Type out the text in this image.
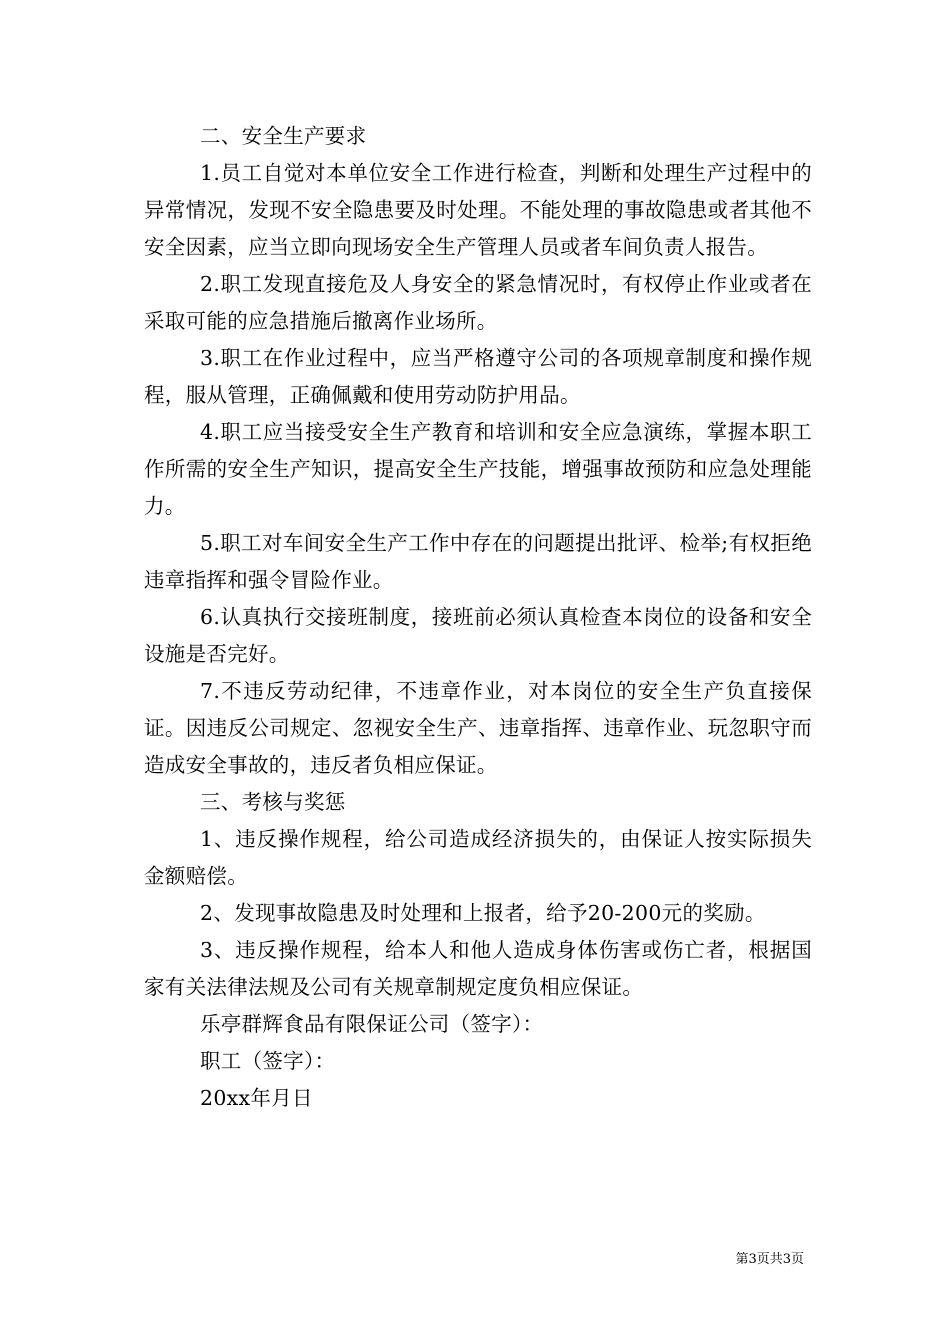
二、安全生产要求

1.员工自觉对本单位安全工作进行检查，判断和处理生产过程中的异常情况，发现不安全隐患要及时处理。不能处理的事故隐患或者其他不安全因素，应当立即向现场安全生产管理人员或者车间负责人报告。

2.职工发现直接危及人身安全的紧急情况时，有权停止作业或者在采取可能的应急措施后撤离作业场所。

3.职工在作业过程中，应当严格遵守公司的各项规章制度和操作规程，服从管理，正确佩戴和使用劳动防护用品。

4.职工应当接受安全生产教育和培训和安全应急演练，掌握本职工作所需的安全生产知识，提高安全生产技能，增强事故预防和应急处理能力。

5.职工对车间安全生产工作中存在的问题提出批评、检举;有权拒绝违章指挥和强令冒险作业。

6.认真执行交接班制度，接班前必须认真检查本岗位的设备和安全设施是否完好。

7.不违反劳动纪律，不违章作业，对本岗位的安全生产负直接保证。因违反公司规定、忽视安全生产、违章指挥、违章作业、玩忽职守而造成安全事故的，违反者负相应保证。

三、考核与奖惩

1、违反操作规程，给公司造成经济损失的，由保证人按实际损失金额赔偿。

2、发现事故隐患及时处理和上报者，给予20-200元的奖励。

3、违反操作规程，给本人和他人造成身体伤害或伤亡者，根据国家有关法律法规及公司有关规章制规定度负相应保证。

乐亭群辉食品有限保证公司（签字）：

职工（签字）：

20xx年月日

第3页共3页
